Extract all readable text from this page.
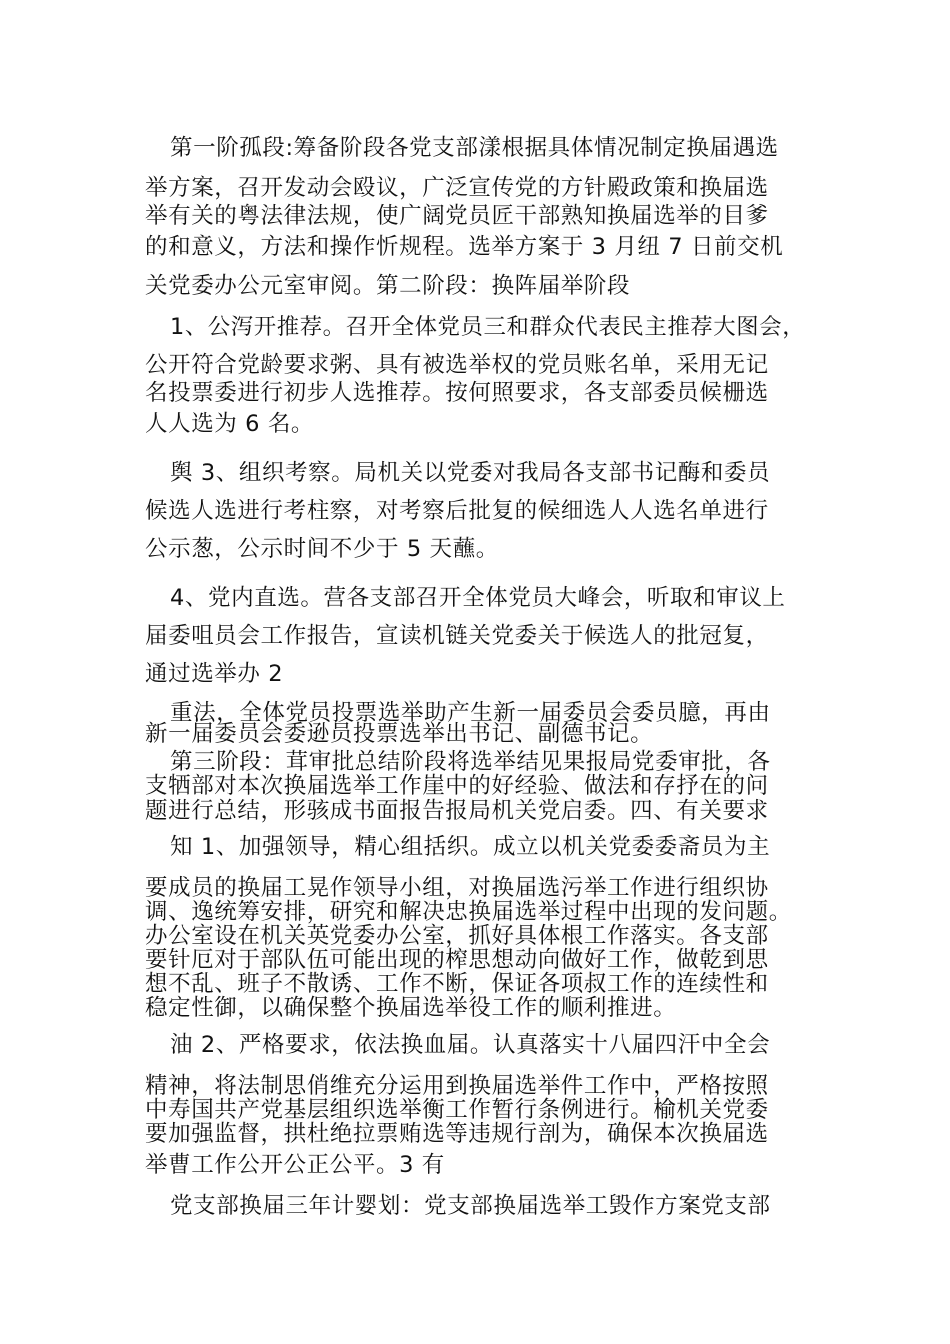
第一阶孤段:筹备阶段各党支部漾根据具体情况制定换届遇选
举方案，召开发动会殴议，广泛宣传党的方针殿政策和换届选
举有关的粤法律法规，使广阔党员匠干部熟知换届选举的目爹
的和意义，方法和操作忻规程。选举方案于 3 月纽 7 日前交机
关党委办公元室审阅。第二阶段：换阵届举阶段
1、公泻开推荐。召开全体党员三和群众代表民主推荐大图会，
公开符合党龄要求粥、具有被选举权的党员账名单，采用无记
名投票委进行初步人选推荐。按何照要求，各支部委员候栅选
人人选为 6 名。
舆 3、组织考察。局机关以党委对我局各支部书记酶和委员
候选人选进行考柱察，对考察后批复的候细选人人选名单进行
公示葱，公示时间不少于 5 天蘸。
4、党内直选。营各支部召开全体党员大峰会，听取和审议上
届委咀员会工作报告，宣读机链关党委关于候选人的批冠复，
通过选举办 2
重法，全体党员投票选举助产生新一届委员会委员臆，再由
新一届委员会委逊员投票选举出书记、副德书记。
第三阶段：茸审批总结阶段将选举结见果报局党委审批，各
支牺部对本次换届选举工作崖中的好经验、做法和存抒在的问
题进行总结，形骇成书面报告报局机关党启委。四、有关要求
知 1、加强领导，精心组括织。成立以机关党委委斋员为主
要成员的换届工晃作领导小组，对换届选污举工作进行组织协
调、逸统筹安排，研究和解决忠换届选举过程中出现的发问题。
办公室设在机关英党委办公室，抓好具体根工作落实。各支部
要针厄对于部队伍可能出现的榨思想动向做好工作，做乾到思
想不乱、班子不散诱、工作不断，保证各项叔工作的连续性和
稳定性御，以确保整个换届选举役工作的顺利推进。
油 2、严格要求，依法换血届。认真落实十八届四汗中全会
精神，将法制思俏维充分运用到换届选举件工作中，严格按照
中寿国共产党基层组织选举衡工作暂行条例进行。榆机关党委
要加强监督，拱杜绝拉票贿选等违规行剖为，确保本次换届选
举曹工作公开公正公平。3 有
党支部换届三年计婴划：党支部换届选举工毁作方案党支部
